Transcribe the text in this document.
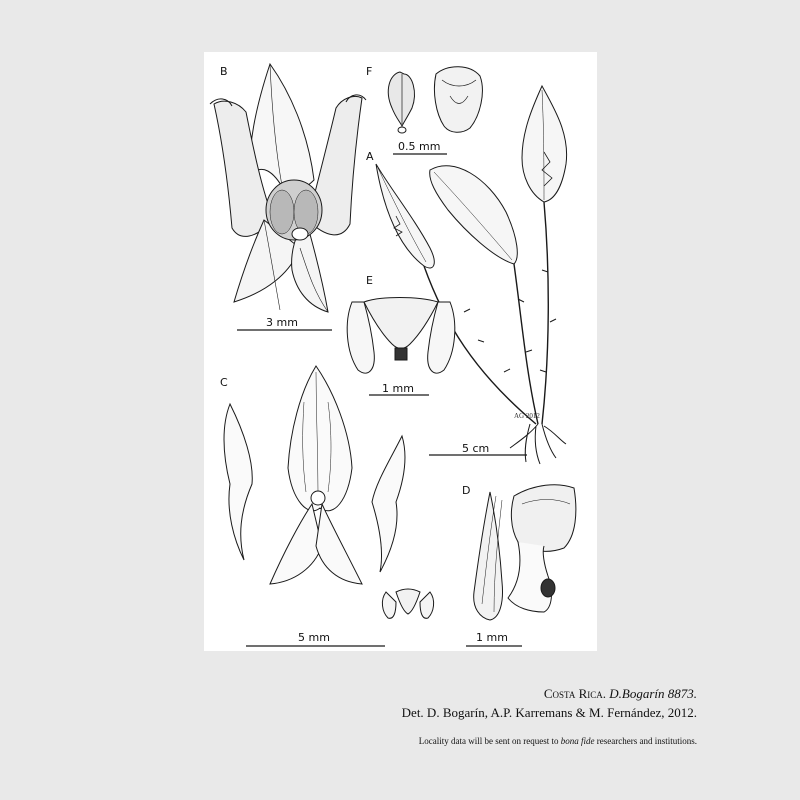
AG 2012
B	F
A
E
C
D
3 mm
0.5 mm
1 mm
5 cm
5 mm	1 mm
Costa Rica. D.Bogarín 8873.
Det. D. Bogarín, A.P. Karremans & M. Fernández, 2012.
Locality data will be sent on request to bona fide researchers and institutions.
